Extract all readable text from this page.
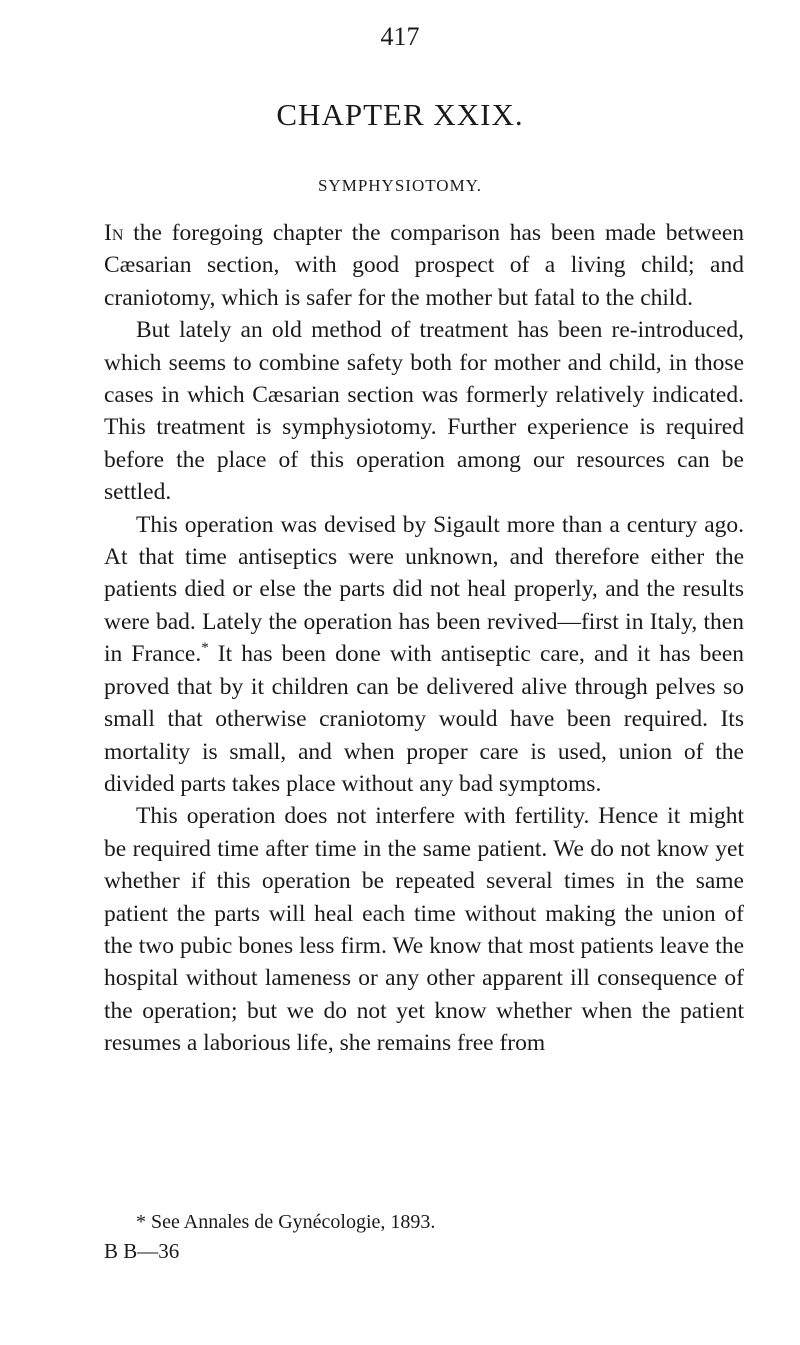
417
CHAPTER XXIX.
SYMPHYSIOTOMY.

In the foregoing chapter the comparison has been made between Cæsarian section, with good prospect of a living child; and craniotomy, which is safer for the mother but fatal to the child.

But lately an old method of treatment has been re-introduced, which seems to combine safety both for mother and child, in those cases in which Cæsarian section was formerly relatively indicated. This treatment is symphysiotomy. Further experience is required before the place of this operation among our resources can be settled.

This operation was devised by Sigault more than a century ago. At that time antiseptics were unknown, and therefore either the patients died or else the parts did not heal properly, and the results were bad. Lately the operation has been revived—first in Italy, then in France.* It has been done with antiseptic care, and it has been proved that by it children can be delivered alive through pelves so small that otherwise craniotomy would have been required. Its mortality is small, and when proper care is used, union of the divided parts takes place without any bad symptoms.

This operation does not interfere with fertility. Hence it might be required time after time in the same patient. We do not know yet whether if this operation be repeated several times in the same patient the parts will heal each time without making the union of the two pubic bones less firm. We know that most patients leave the hospital without lameness or any other apparent ill consequence of the operation; but we do not yet know whether when the patient resumes a laborious life, she remains free from

* See Annales de Gynécologie, 1893.
B B—36
